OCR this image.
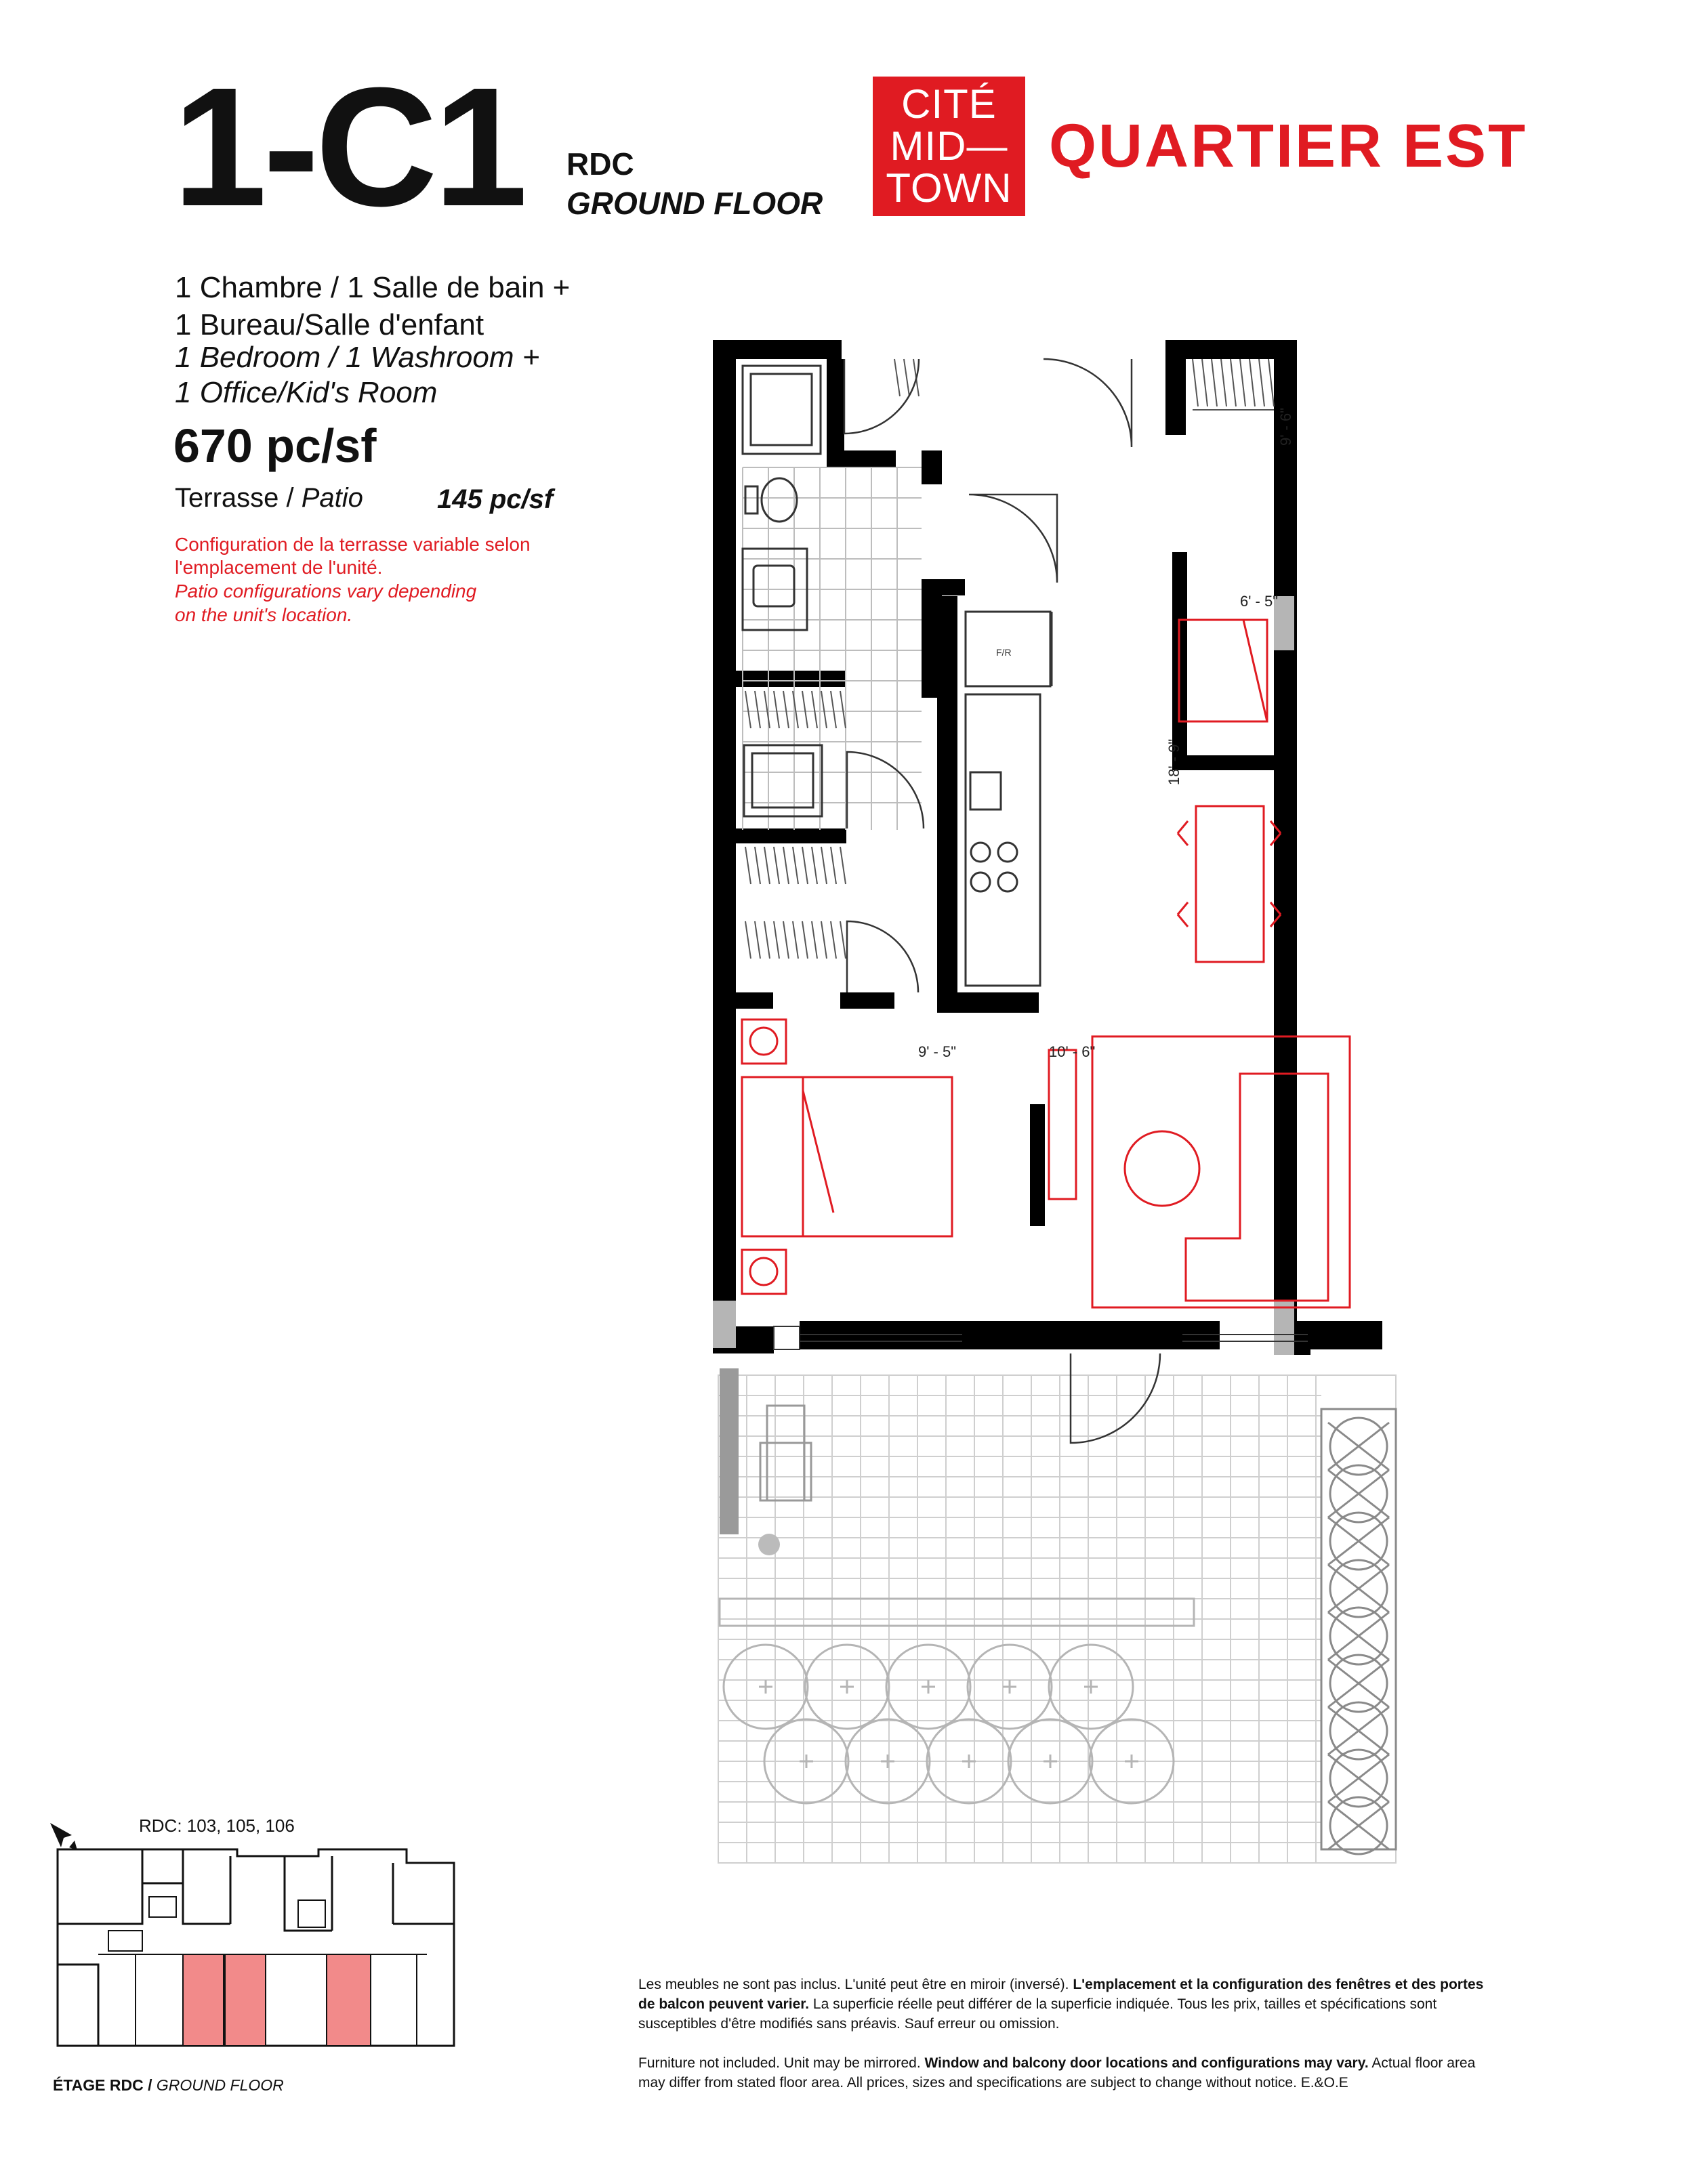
1-C1 RDC
GROUND FLOOR
CITÉ
MID—
TOWN
QUARTIER EST
1 Chambre / 1 Salle de bain +
1 Bureau/Salle d'enfant
1 Bedroom / 1 Washroom +
1 Office/Kid's Room
670 pc/sf
Terrasse / Patio	145 pc/sf
Configuration de la terrasse variable selon
l'emplacement de l'unité.
Patio configurations vary depending
on the unit's location.
F/R
9' - 6"
6' - 5"
18' - 9"
9' - 5"	10' - 6"
RDC: 103, 105, 106
ÉTAGE RDC / GROUND FLOOR
Les meubles ne sont pas inclus. L'unité peut être en miroir (inversé). L'emplacement et la configuration des fenêtres et des portes de balcon peuvent varier. La superficie réelle peut différer de la superficie indiquée. Tous les prix, tailles et spécifications sont susceptibles d'être modifiés sans préavis. Sauf erreur ou omission.
Furniture not included. Unit may be mirrored. Window and balcony door locations and configurations may vary. Actual floor area may differ from stated floor area. All prices, sizes and specifications are subject to change without notice. E.&O.E
